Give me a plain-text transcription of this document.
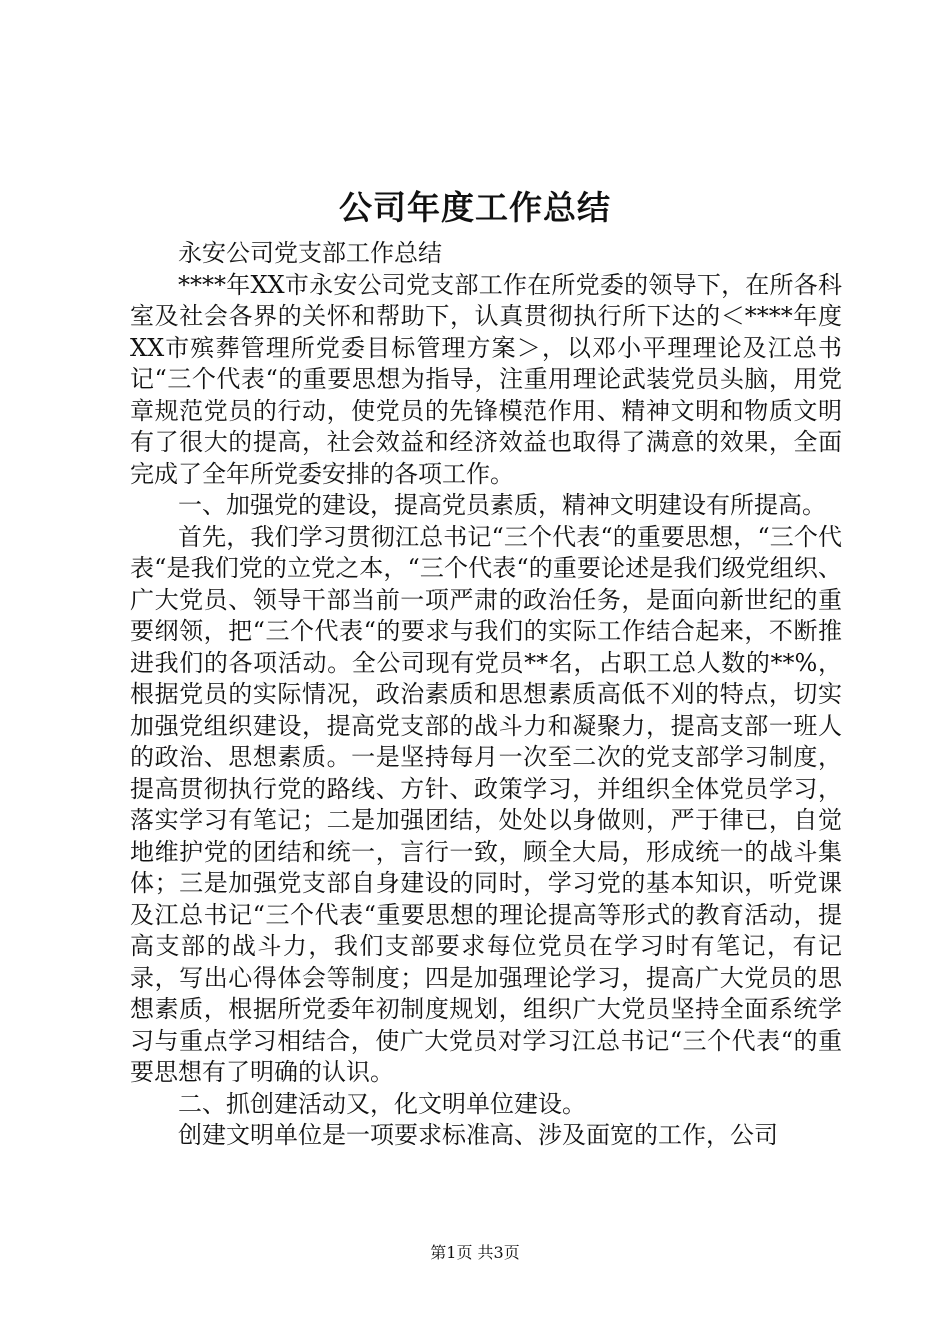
公司年度工作总结

永安公司党支部工作总结

****年XX市永安公司党支部工作在所党委的领导下，在所各科室及社会各界的关怀和帮助下，认真贯彻执行所下达的＜****年度XX市殡葬管理所党委目标管理方案＞，以邓小平理理论及江总书记“三个代表“的重要思想为指导，注重用理论武装党员头脑，用党章规范党员的行动，使党员的先锋模范作用、精神文明和物质文明有了很大的提高，社会效益和经济效益也取得了满意的效果，全面完成了全年所党委安排的各项工作。

一、加强党的建设，提高党员素质，精神文明建设有所提高。

首先，我们学习贯彻江总书记“三个代表“的重要思想，“三个代表“是我们党的立党之本，“三个代表“的重要论述是我们级党组织、广大党员、领导干部当前一项严肃的政治任务，是面向新世纪的重要纲领，把“三个代表“的要求与我们的实际工作结合起来，不断推进我们的各项活动。全公司现有党员**名，占职工总人数的**%，根据党员的实际情况，政治素质和思想素质高低不刈的特点，切实加强党组织建设，提高党支部的战斗力和凝聚力，提高支部一班人的政治、思想素质。一是坚持每月一次至二次的党支部学习制度，提高贯彻执行党的路线、方针、政策学习，并组织全体党员学习，落实学习有笔记；二是加强团结，处处以身做则，严于律已，自觉地维护党的团结和统一，言行一致，顾全大局，形成统一的战斗集体；三是加强党支部自身建设的同时，学习党的基本知识，听党课及江总书记“三个代表“重要思想的理论提高等形式的教育活动，提高支部的战斗力，我们支部要求每位党员在学习时有笔记，有记录，写出心得体会等制度；四是加强理论学习，提高广大党员的思想素质，根据所党委年初制度规划，组织广大党员坚持全面系统学习与重点学习相结合，使广大党员对学习江总书记“三个代表“的重要思想有了明确的认识。

二、抓创建活动又，化文明单位建设。

创建文明单位是一项要求标准高、涉及面宽的工作，公司

第1页 共3页
